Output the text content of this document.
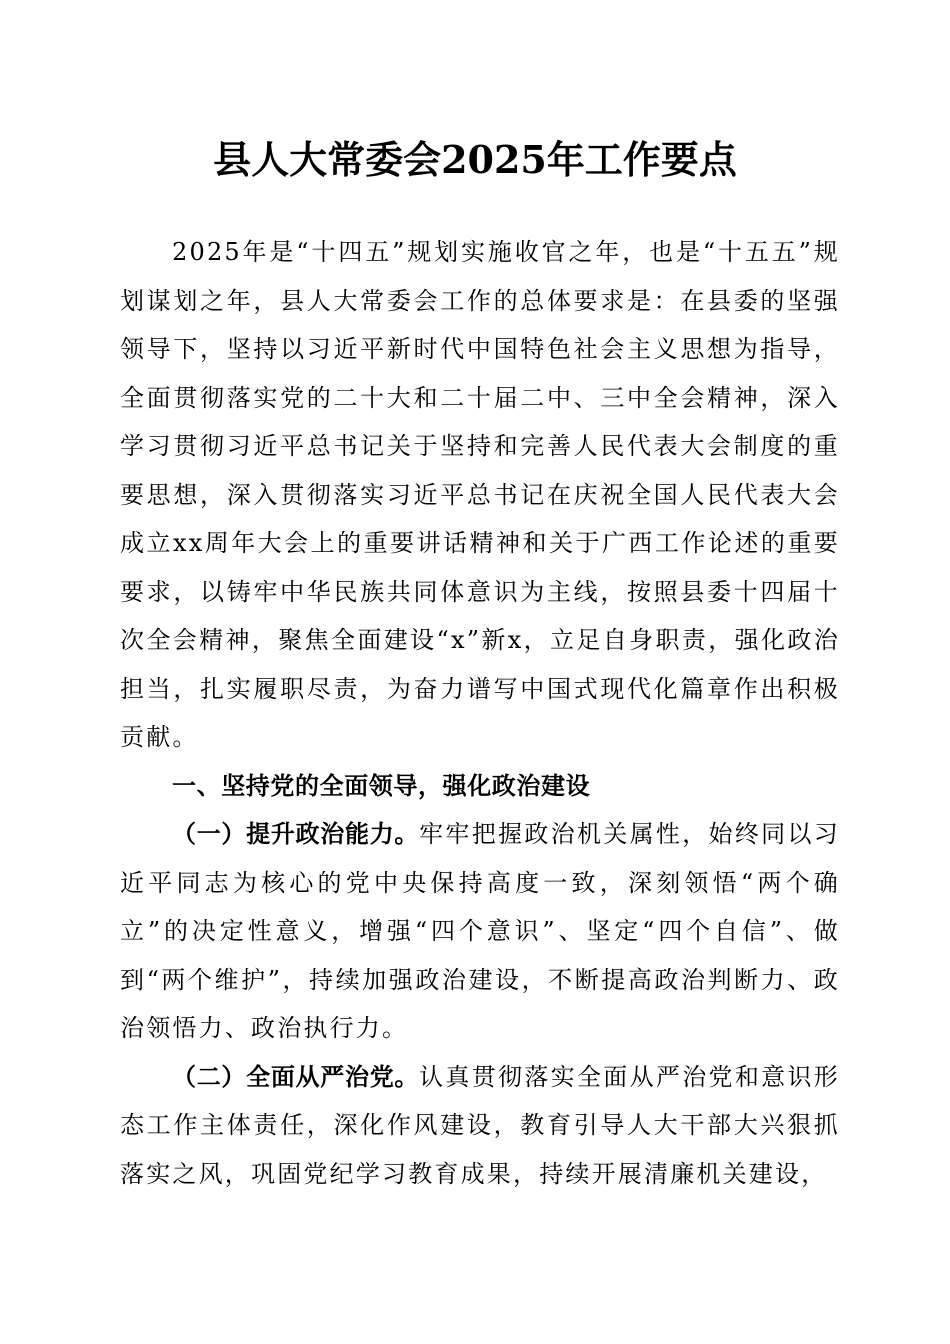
县人大常委会2025年工作要点

2025年是“十四五”规划实施收官之年，也是“十五五”规划谋划之年，县人大常委会工作的总体要求是：在县委的坚强领导下，坚持以习近平新时代中国特色社会主义思想为指导，全面贯彻落实党的二十大和二十届二中、三中全会精神，深入学习贯彻习近平总书记关于坚持和完善人民代表大会制度的重要思想，深入贯彻落实习近平总书记在庆祝全国人民代表大会成立xx周年大会上的重要讲话精神和关于广西工作论述的重要要求，以铸牢中华民族共同体意识为主线，按照县委十四届十次全会精神，聚焦全面建设“x”新x，立足自身职责，强化政治担当，扎实履职尽责，为奋力谱写中国式现代化篇章作出积极贡献。

一、坚持党的全面领导，强化政治建设

（一）提升政治能力。牢牢把握政治机关属性，始终同以习近平同志为核心的党中央保持高度一致，深刻领悟“两个确立”的决定性意义，增强“四个意识”、坚定“四个自信”、做到“两个维护”，持续加强政治建设，不断提高政治判断力、政治领悟力、政治执行力。

（二）全面从严治党。认真贯彻落实全面从严治党和意识形态工作主体责任，深化作风建设，教育引导人大干部大兴狠抓落实之风，巩固党纪学习教育成果，持续开展清廉机关建设，
